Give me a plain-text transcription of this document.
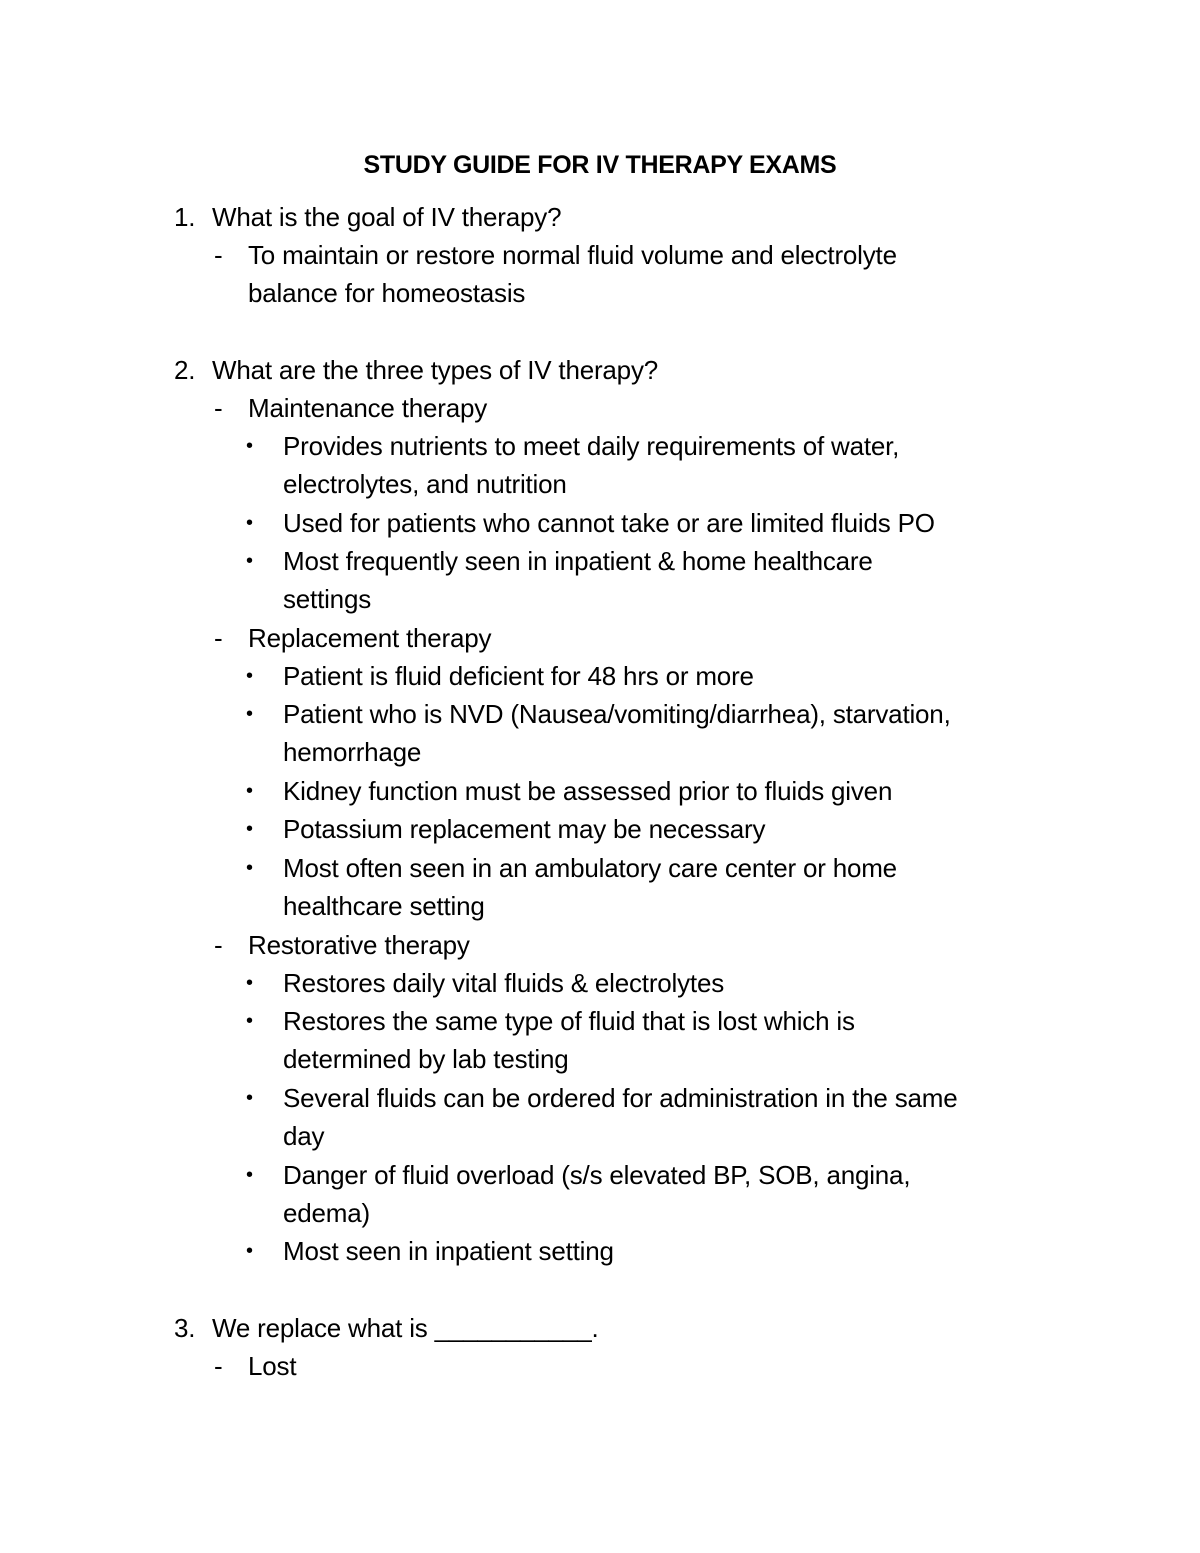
STUDY GUIDE FOR IV THERAPY EXAMS
1. What is the goal of IV therapy?
- To maintain or restore normal fluid volume and electrolyte
balance for homeostasis
2. What are the three types of IV therapy?
- Maintenance therapy
• Provides nutrients to meet daily requirements of water,
electrolytes, and nutrition
• Used for patients who cannot take or are limited fluids PO
• Most frequently seen in inpatient & home healthcare
settings
- Replacement therapy
• Patient is fluid deficient for 48 hrs or more
• Patient who is NVD (Nausea/vomiting/diarrhea), starvation,
hemorrhage
• Kidney function must be assessed prior to fluids given
• Potassium replacement may be necessary
• Most often seen in an ambulatory care center or home
healthcare setting
- Restorative therapy
• Restores daily vital fluids & electrolytes
• Restores the same type of fluid that is lost which is
determined by lab testing
• Several fluids can be ordered for administration in the same
day
• Danger of fluid overload (s/s elevated BP, SOB, angina,
edema)
• Most seen in inpatient setting
3. We replace what is ___________.
- Lost
